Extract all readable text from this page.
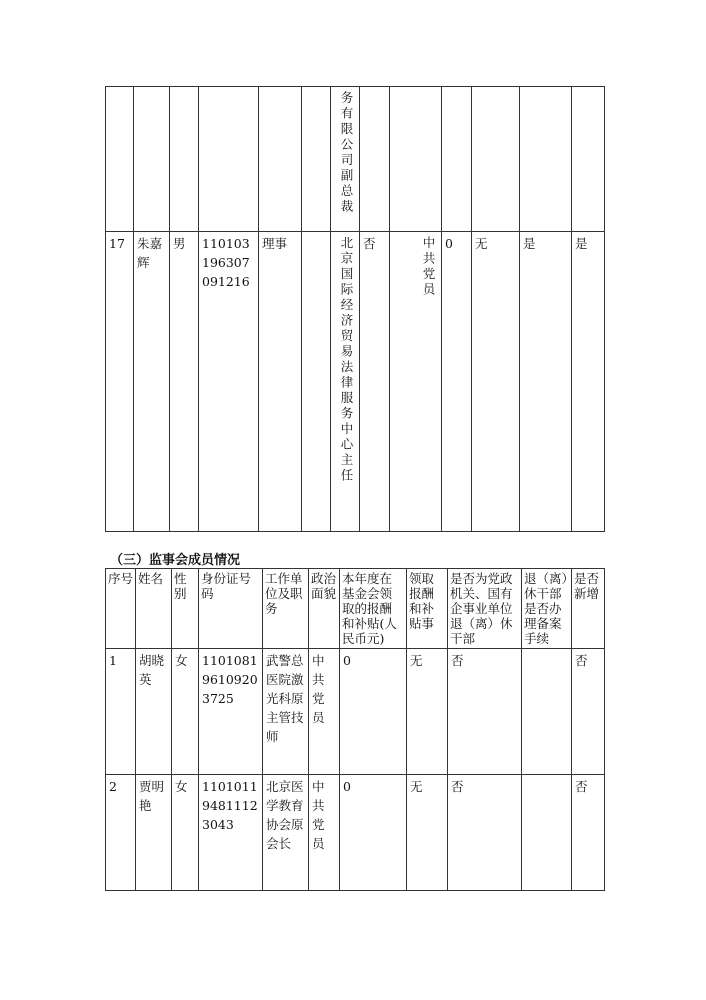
						务有限公司副总裁						
17	朱嘉辉	男	110103196307091216	理事		北京国际经济贸易法律服务中心主任	否	中共党员	0	无	是	是
（三）监事会成员情况
序号	姓名	性别	身份证号码	工作单位及职务	政治面貌	本年度在基金会领取的报酬和补贴(人民币元)	领取报酬和补贴事	是否为党政机关、国有企事业单位退（离）休干部	退（离）休干部是否办理备案手续	是否新增
1	胡晓英	女	110108196109203725	武警总医院激光科原主管技师	中共党员	0	无	否		否
2	贾明艳	女	110101194811123043	北京医学教育协会原会长	中共党员	0	无	否		否
